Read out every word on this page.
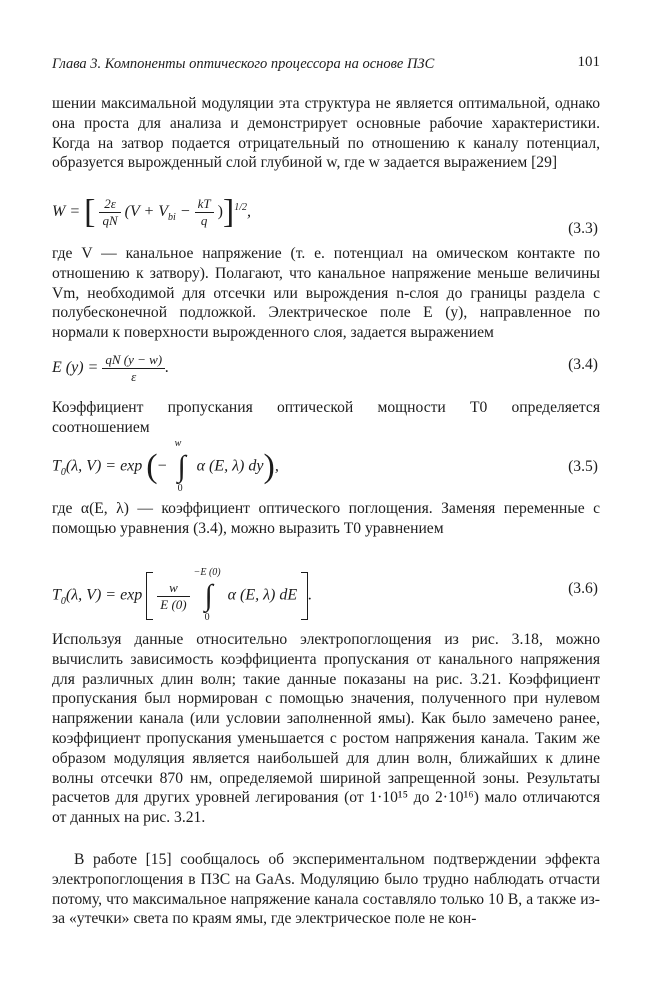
Глава 3. Компоненты оптического процессора на основе ПЗС	101

шении максимальной модуляции эта структура не является оптимальной, однако она проста для анализа и демонстрирует основные рабочие характеристики. Когда на затвор подается отрицательный по отношению к каналу потенциал, образуется вырожденный слой глубиной w, где w задается выражением [29]

W = [ $\frac{2\varepsilon}{qN} (V + V_{bi} - \frac{kT}{q} )]^{1/2}$,
(3.3)

где V — канальное напряжение (т. е. потенциал на омическом контакте по отношению к затвору). Полагают, что канальное напряжение меньше величины Vm, необходимой для отсечки или вырождения n-слоя до границы раздела с полубесконечной подложкой. Электрическое поле E (y), направленное по нормали к поверхности вырожденного слоя, задается выражением

E $(y) = \frac{qN (y - w)}{\varepsilon}$ .	(3.4)

Коэффициент пропускания оптической мощности T0 определяется соотношением

$T_0(\lambda$, V) = exp (−
w
∫
0
α (E, λ) dy),	(3.5)

где α(E, λ) — коэффициент оптического поглощения. Заменяя переменные с помощью уравнения (3.4), можно выразить T0 уравнением

$T_0(\lambda$, $V) = \exp \frac{w}{E (0)}$

−E (0)
∫
0
α (E, λ) dE .	(3.6)

Используя данные относительно электропоглощения из рис. 3.18, можно вычислить зависимость коэффициента пропускания от канального напряжения для различных длин волн; такие данные показаны на рис. 3.21. Коэффициент пропускания был нормирован с помощью значения, полученного при нулевом напряжении канала (или условии заполненной ямы). Как было замечено ранее, коэффициент пропускания уменьшается с ростом напряжения канала. Таким же образом модуляция является наибольшей для длин волн, ближайших к длине волны отсечки 870 нм, определяемой шириной запрещенной зоны. Результаты расчетов для других уровней легирования (от 1·10¹⁵ до 2·10¹⁶) мало отличаются от данных на рис. 3.21.

В работе [15] сообщалось об экспериментальном подтверждении эффекта электропоглощения в ПЗС на GaAs. Модуляцию было трудно наблюдать отчасти потому, что максимальное напряжение канала составляло только 10 В, а также из-за «утечки» света по краям ямы, где электрическое поле не кон-
